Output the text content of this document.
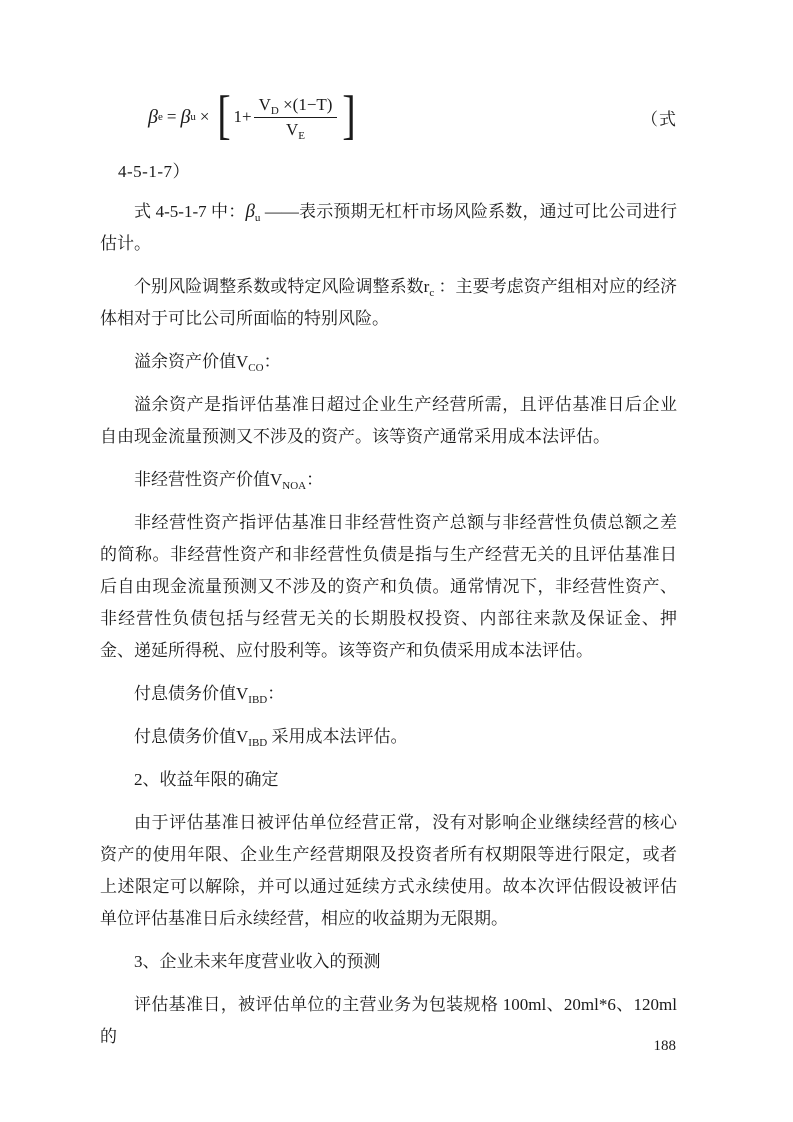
β e = β u × [ $1+ \frac{V_D \times(1-T)}{V_E}$ ]	（式
4-5-1-7）

式 4-5-1-7 中：$\beta_u$ ——表示预期无杠杆市场风险系数，通过可比公司进行估计。

个别风险调整系数或特定风险调整系数$r_c$ ：主要考虑资产组相对应的经济体相对于可比公司所面临的特别风险。

溢余资产价值$V_{CO}$：

溢余资产是指评估基准日超过企业生产经营所需，且评估基准日后企业自由现金流量预测又不涉及的资产。该等资产通常采用成本法评估。

非经营性资产价值$V_{NOA}$：

非经营性资产指评估基准日非经营性资产总额与非经营性负债总额之差的简称。非经营性资产和非经营性负债是指与生产经营无关的且评估基准日后自由现金流量预测又不涉及的资产和负债。通常情况下，非经营性资产、非经营性负债包括与经营无关的长期股权投资、内部往来款及保证金、押金、递延所得税、应付股利等。该等资产和负债采用成本法评估。

付息债务价值$V_{IBD}$：

付息债务价值$V_{IBD}$ 采用成本法评估。

2、收益年限的确定

由于评估基准日被评估单位经营正常，没有对影响企业继续经营的核心资产的使用年限、企业生产经营期限及投资者所有权期限等进行限定，或者上述限定可以解除，并可以通过延续方式永续使用。故本次评估假设被评估单位评估基准日后永续经营，相应的收益期为无限期。

3、企业未来年度营业收入的预测

评估基准日，被评估单位的主营业务为包装规格 100ml、20ml*6、120ml 的	188
